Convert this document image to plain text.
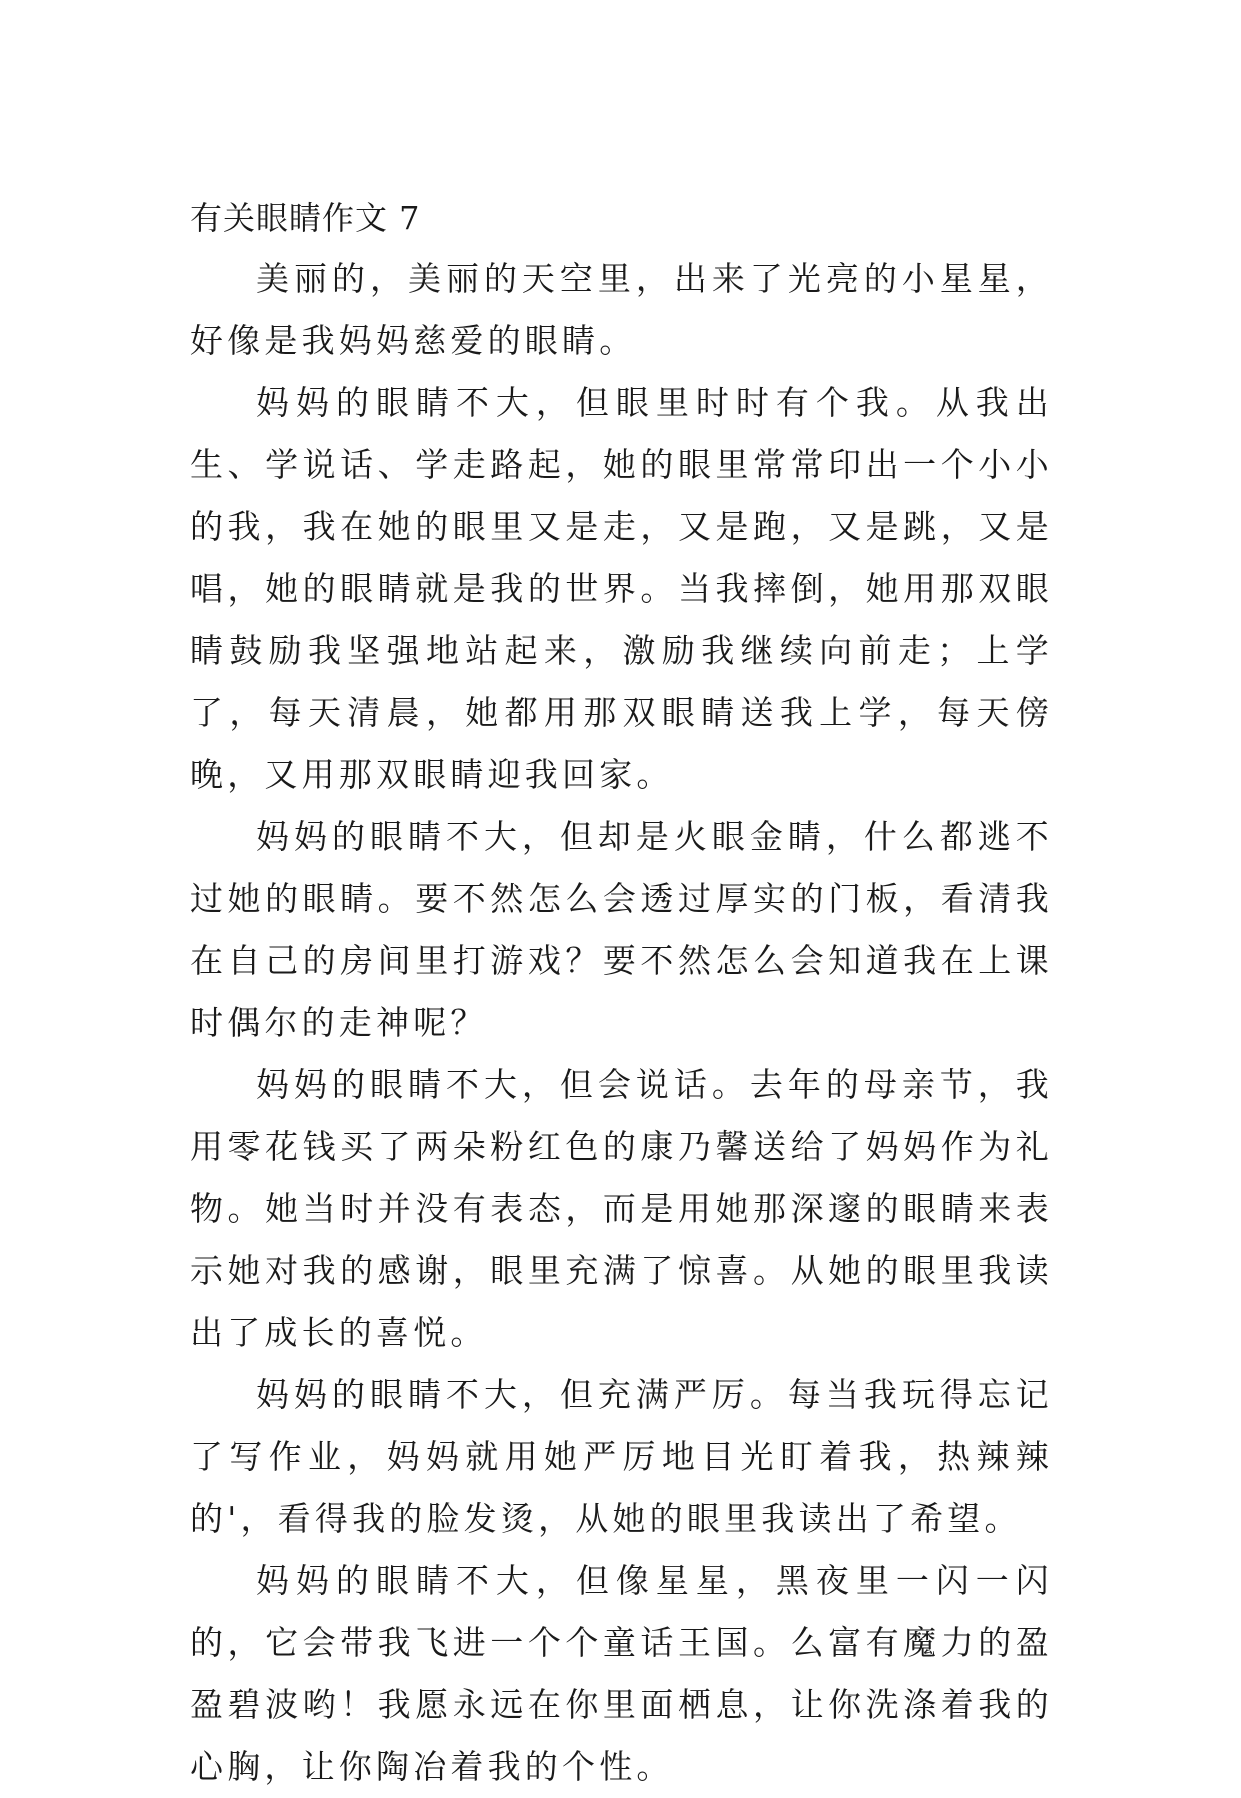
有关眼睛作文 7

美丽的，美丽的天空里，出来了光亮的小星星，好像是我妈妈慈爱的眼睛。

妈妈的眼睛不大，但眼里时时有个我。从我出生、学说话、学走路起，她的眼里常常印出一个小小的我，我在她的眼里又是走，又是跑，又是跳，又是唱，她的眼睛就是我的世界。当我摔倒，她用那双眼睛鼓励我坚强地站起来，激励我继续向前走；上学了，每天清晨，她都用那双眼睛送我上学，每天傍晚，又用那双眼睛迎我回家。

妈妈的眼睛不大，但却是火眼金睛，什么都逃不过她的眼睛。要不然怎么会透过厚实的门板，看清我在自己的房间里打游戏？要不然怎么会知道我在上课时偶尔的走神呢？

妈妈的眼睛不大，但会说话。去年的母亲节，我用零花钱买了两朵粉红色的康乃馨送给了妈妈作为礼物。她当时并没有表态，而是用她那深邃的眼睛来表示她对我的感谢，眼里充满了惊喜。从她的眼里我读出了成长的喜悦。

妈妈的眼睛不大，但充满严厉。每当我玩得忘记了写作业，妈妈就用她严厉地目光盯着我，热辣辣的'，看得我的脸发烫，从她的眼里我读出了希望。

妈妈的眼睛不大，但像星星，黑夜里一闪一闪的，它会带我飞进一个个童话王国。么富有魔力的盈盈碧波哟！我愿永远在你里面栖息，让你洗涤着我的心胸，让你陶冶着我的个性。
